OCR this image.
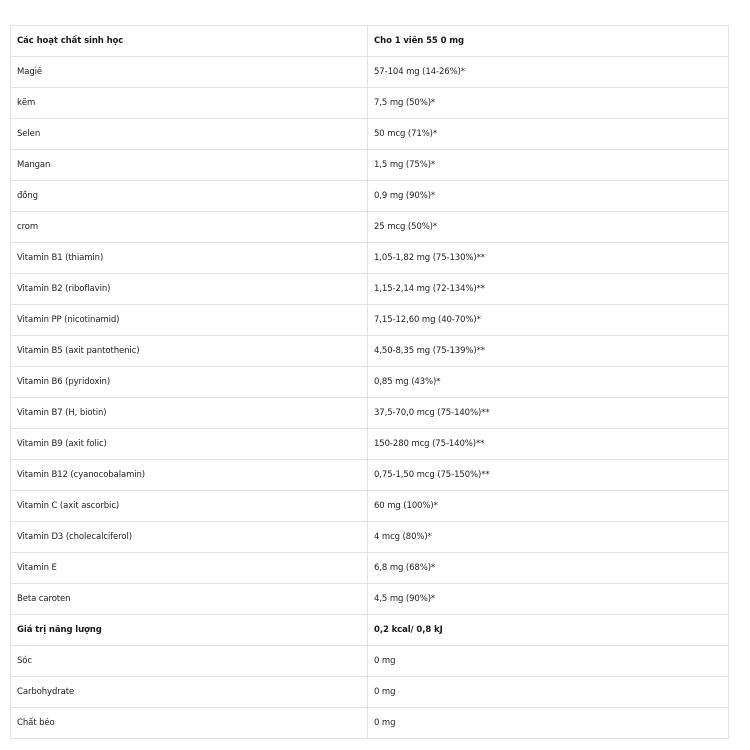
Các hoạt chất sinh học	Cho 1 viên 55 0 mg
Magiê	57-104 mg (14-26%)*
kẽm	7,5 mg (50%)*
Selen	50 mcg (71%)*
Mangan	1,5 mg (75%)*
đồng	0,9 mg (90%)*
crom	25 mcg (50%)*
Vitamin B1 (thiamin)	1,05-1,82 mg (75-130%)**
Vitamin B2 (riboflavin)	1,15-2,14 mg (72-134%)**
Vitamin PP (nicotinamid)	7,15-12,60 mg (40-70%)*
Vitamin B5 (axit pantothenic)	4,50-8,35 mg (75-139%)**
Vitamin B6 (pyridoxin)	0,85 mg (43%)*
Vitamin B7 (H, biotin)	37,5-70,0 mcg (75-140%)**
Vitamin B9 (axit folic)	150-280 mcg (75-140%)**
Vitamin B12 (cyanocobalamin)	0,75-1,50 mcg (75-150%)**
Vitamin C (axit ascorbic)	60 mg (100%)*
Vitamin D3 (cholecalciferol)	4 mcg (80%)*
Vitamin E	6,8 mg (68%)*
Beta caroten	4,5 mg (90%)*
Giá trị năng lượng	0,2 kcal/ 0,8 kJ
Sóc	0 mg
Carbohydrate	0 mg
Chất béo	0 mg
